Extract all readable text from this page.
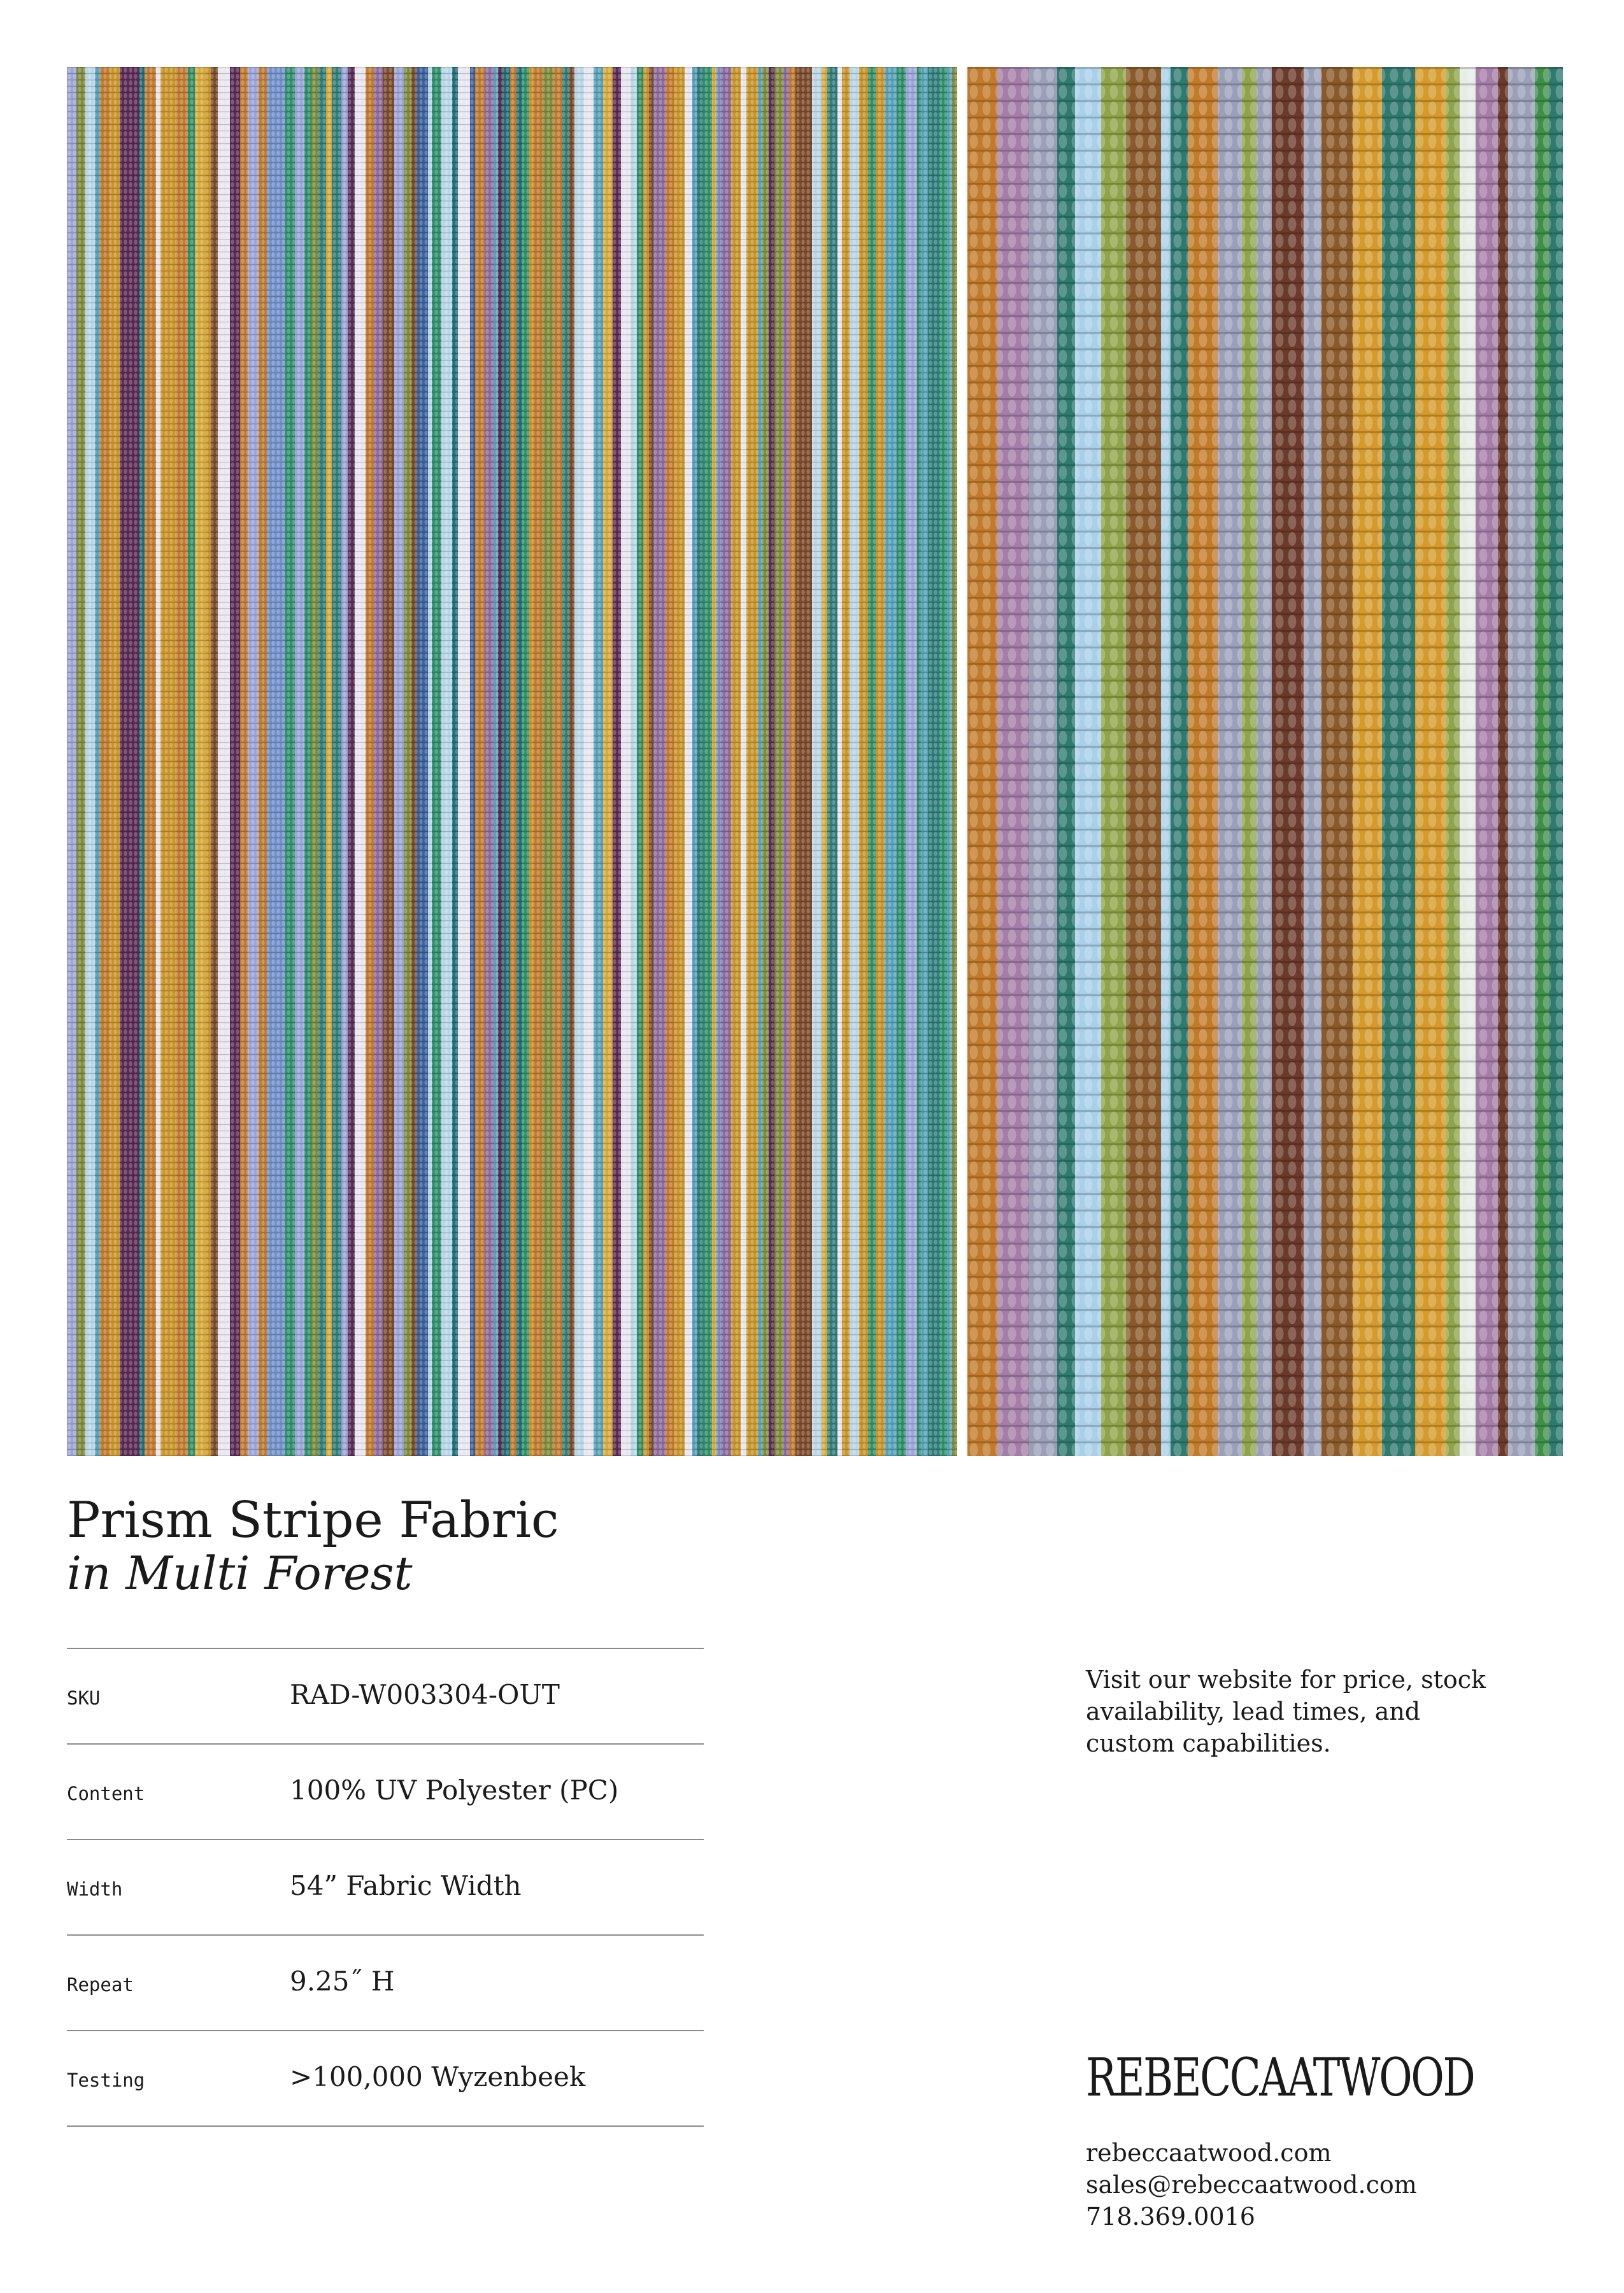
Prism Stripe Fabric
in Multi Forest
SKU	RAD-W003304-OUT
Content	100% UV Polyester (PC)
Width	54” Fabric Width
Repeat	9.25˝ H
Testing	>100,000 Wyzenbeek
Visit our website for price, stock availability, lead times, and custom capabilities.
REBECCAATWOOD
rebeccaatwood.com
sales@rebeccaatwood.com
718.369.0016
